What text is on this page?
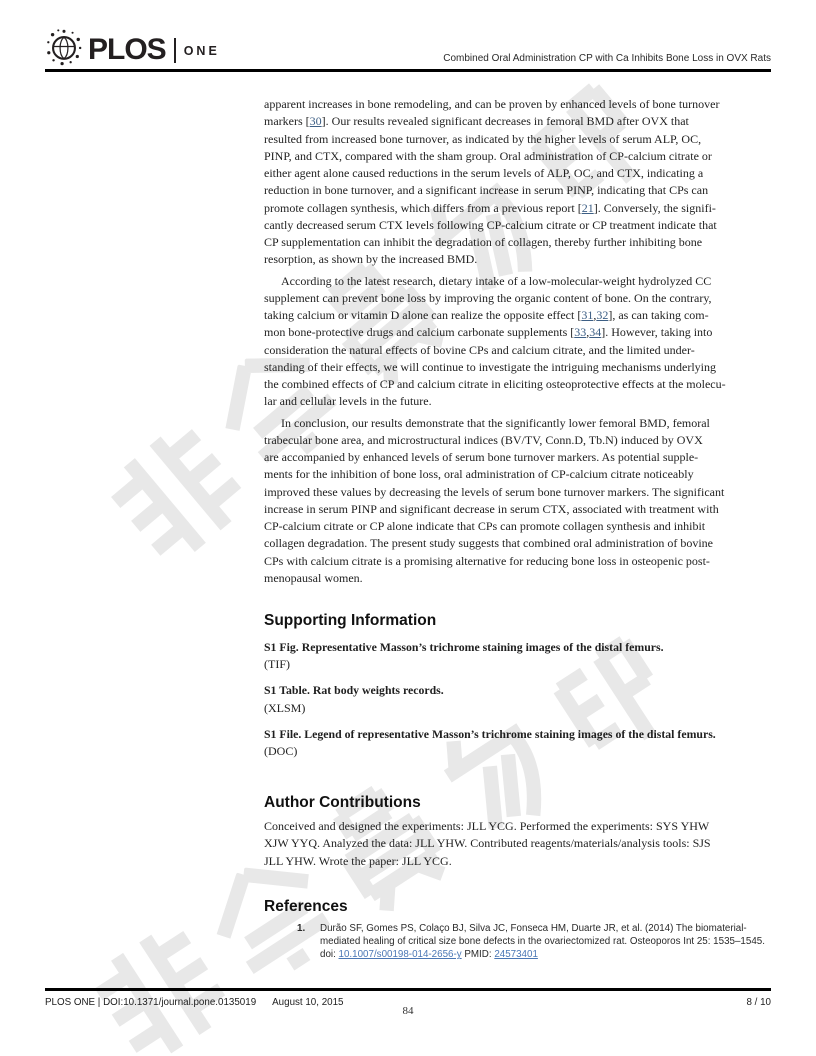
PLOS ONE
Combined Oral Administration CP with Ca Inhibits Bone Loss in OVX Rats
apparent increases in bone remodeling, and can be proven by enhanced levels of bone turnover
markers [30]. Our results revealed significant decreases in femoral BMD after OVX that
resulted from increased bone turnover, as indicated by the higher levels of serum ALP, OC,
PINP, and CTX, compared with the sham group. Oral administration of CP-calcium citrate or
either agent alone caused reductions in the serum levels of ALP, OC, and CTX, indicating a
reduction in bone turnover, and a significant increase in serum PINP, indicating that CPs can
promote collagen synthesis, which differs from a previous report [21]. Conversely, the signifi-
cantly decreased serum CTX levels following CP-calcium citrate or CP treatment indicate that
CP supplementation can inhibit the degradation of collagen, thereby further inhibiting bone
resorption, as shown by the increased BMD.
According to the latest research, dietary intake of a low-molecular-weight hydrolyzed CC
supplement can prevent bone loss by improving the organic content of bone. On the contrary,
taking calcium or vitamin D alone can realize the opposite effect [31,32], as can taking com-
mon bone-protective drugs and calcium carbonate supplements [33,34]. However, taking into
consideration the natural effects of bovine CPs and calcium citrate, and the limited under-
standing of their effects, we will continue to investigate the intriguing mechanisms underlying
the combined effects of CP and calcium citrate in eliciting osteoprotective effects at the molecu-
lar and cellular levels in the future.
In conclusion, our results demonstrate that the significantly lower femoral BMD, femoral
trabecular bone area, and microstructural indices (BV/TV, Conn.D, Tb.N) induced by OVX
are accompanied by enhanced levels of serum bone turnover markers. As potential supple-
ments for the inhibition of bone loss, oral administration of CP-calcium citrate noticeably
improved these values by decreasing the levels of serum bone turnover markers. The significant
increase in serum PINP and significant decrease in serum CTX, associated with treatment with
CP-calcium citrate or CP alone indicate that CPs can promote collagen synthesis and inhibit
collagen degradation. The present study suggests that combined oral administration of bovine
CPs with calcium citrate is a promising alternative for reducing bone loss in osteopenic post-
menopausal women.
Supporting Information
S1 Fig. Representative Masson’s trichrome staining images of the distal femurs.
(TIF)
S1 Table. Rat body weights records.
(XLSM)
S1 File. Legend of representative Masson’s trichrome staining images of the distal femurs.
(DOC)
Author Contributions
Conceived and designed the experiments: JLL YCG. Performed the experiments: SYS YHW
XJW YYQ. Analyzed the data: JLL YHW. Contributed reagents/materials/analysis tools: SJS
JLL YHW. Wrote the paper: JLL YCG.
References
1.	Durão SF, Gomes PS, Colaço BJ, Silva JC, Fonseca HM, Duarte JR, et al. (2014) The biomaterial-
mediated healing of critical size bone defects in the ovariectomized rat. Osteoporos Int 25: 1535–1545.
doi: 10.1007/s00198-014-2656-y PMID: 24573401
PLOS ONE | DOI:10.1371/journal.pone.0135019 August 10, 2015	8 / 10
84
